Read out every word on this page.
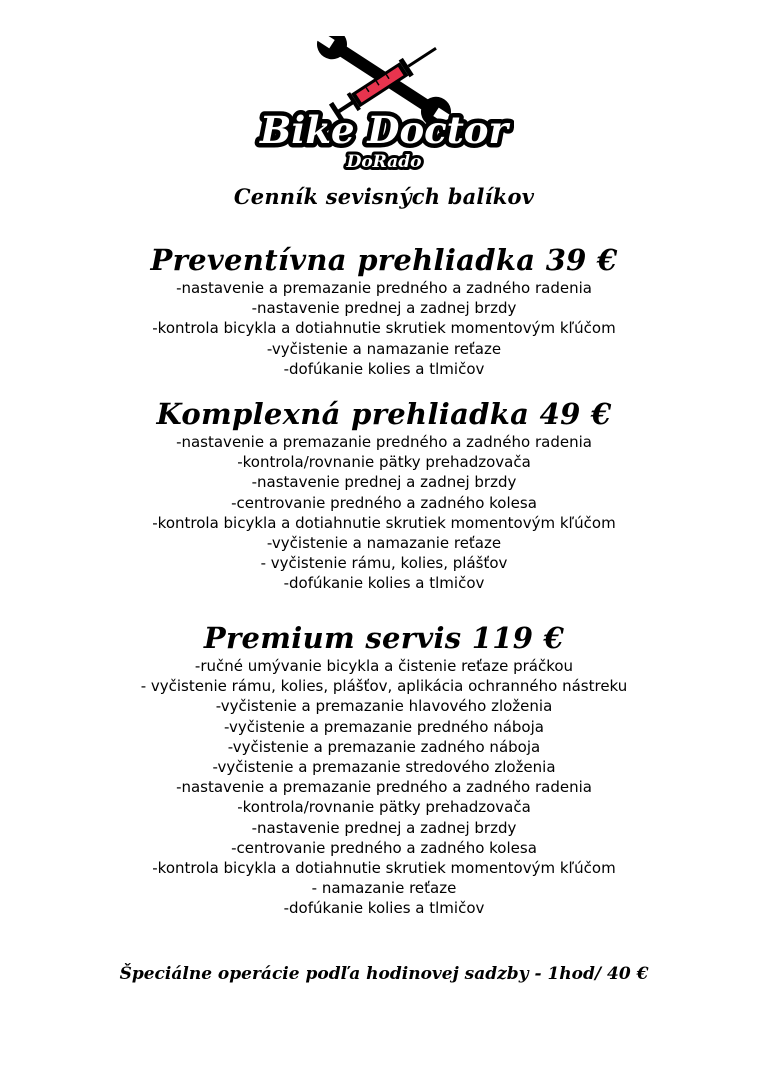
Bike Doctor
DoRado
Cenník sevisných balíkov
Preventívna prehliadka 39 €
-nastavenie a premazanie predného a zadného radenia
-nastavenie prednej a zadnej brzdy
-kontrola bicykla a dotiahnutie skrutiek momentovým kľúčom
-vyčistenie a namazanie reťaze
-dofúkanie kolies a tlmičov
Komplexná prehliadka 49 €
-nastavenie a premazanie predného a zadného radenia
-kontrola/rovnanie pätky prehadzovača
-nastavenie prednej a zadnej brzdy
-centrovanie predného a zadného kolesa
-kontrola bicykla a dotiahnutie skrutiek momentovým kľúčom
-vyčistenie a namazanie reťaze
- vyčistenie rámu, kolies, plášťov
-dofúkanie kolies a tlmičov
Premium servis 119 €
-ručné umývanie bicykla a čistenie reťaze práčkou
- vyčistenie rámu, kolies, plášťov, aplikácia ochranného nástreku
-vyčistenie a premazanie hlavového zloženia
-vyčistenie a premazanie predného náboja
-vyčistenie a premazanie zadného náboja
-vyčistenie a premazanie stredového zloženia
-nastavenie a premazanie predného a zadného radenia
-kontrola/rovnanie pätky prehadzovača
-nastavenie prednej a zadnej brzdy
-centrovanie predného a zadného kolesa
-kontrola bicykla a dotiahnutie skrutiek momentovým kľúčom
- namazanie reťaze
-dofúkanie kolies a tlmičov
Špeciálne operácie podľa hodinovej sadzby - 1hod/ 40 €
